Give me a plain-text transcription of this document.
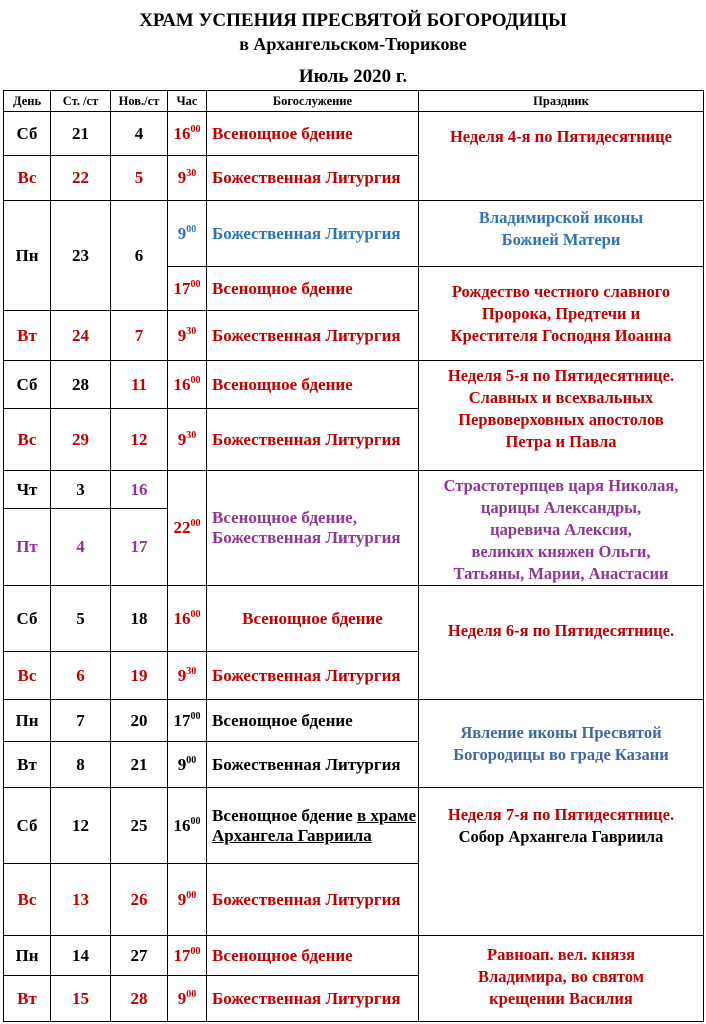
ХРАМ УСПЕНИЯ ПРЕСВЯТОЙ БОГОРОДИЦЫ
в Архангельском-Тюрикове
Июль 2020 г.
День	Ст. /ст	Нов./ст	Час	Богослужение	Праздник
Сб	21	4	$16^{00}$	Всенощное бдение	Неделя 4-я по Пятидесятнице
Вс	22	5	$9^{30}$	Божественная Литургия	
Пн	23	6	$9^{00}$	Божественная Литургия	Владимирской иконы
Божией Матери

			$17^{00}$	Всенощное бдение	Рождество честного славного
Пророка, Предтечи и
Крестителя Господня Иоанна

Вт	24	7	$9^{30}$	Божественная Литургия	
Сб	28	11	$16^{00}$	Всенощное бдение	Неделя 5-я по Пятидесятнице.
Славных и всехвальных
Первоверховных апостолов
Петра и Павла

Вс	29	12	$9^{30}$	Божественная Литургия	
Чт	3	16	$22^{00}$	Всенощное бдение, Божественная Литургия	Страстотерпцев царя Николая,
царицы Александры,
царевича Алексия,
великих княжен Ольги,
Татьяны, Марии, Анастасии

Пт	4	17			
Сб	5	18	$16^{00}$	Всенощное бдение	Неделя 6-я по Пятидесятнице.
Вс	6	19	$9^{30}$	Божественная Литургия	
Пн	7	20	$17^{00}$	Всенощное бдение	Явление иконы Пресвятой
Богородицы во граде Казани

Вт	8	21	$9^{00}$	Божественная Литургия	
Сб	12	25	$16^{00}$	Всенощное бдение в храме Архангела Гавриила	Неделя 7-я по Пятидесятнице.
Собор Архангела Гавриила

Вс	13	26	$9^{00}$	Божественная Литургия	
Пн	14	27	$17^{00}$	Всенощное бдение	Равноап. вел. князя
Владимира, во святом
крещении Василия

Вт	15	28	$9^{00}$	Божественная Литургия	
